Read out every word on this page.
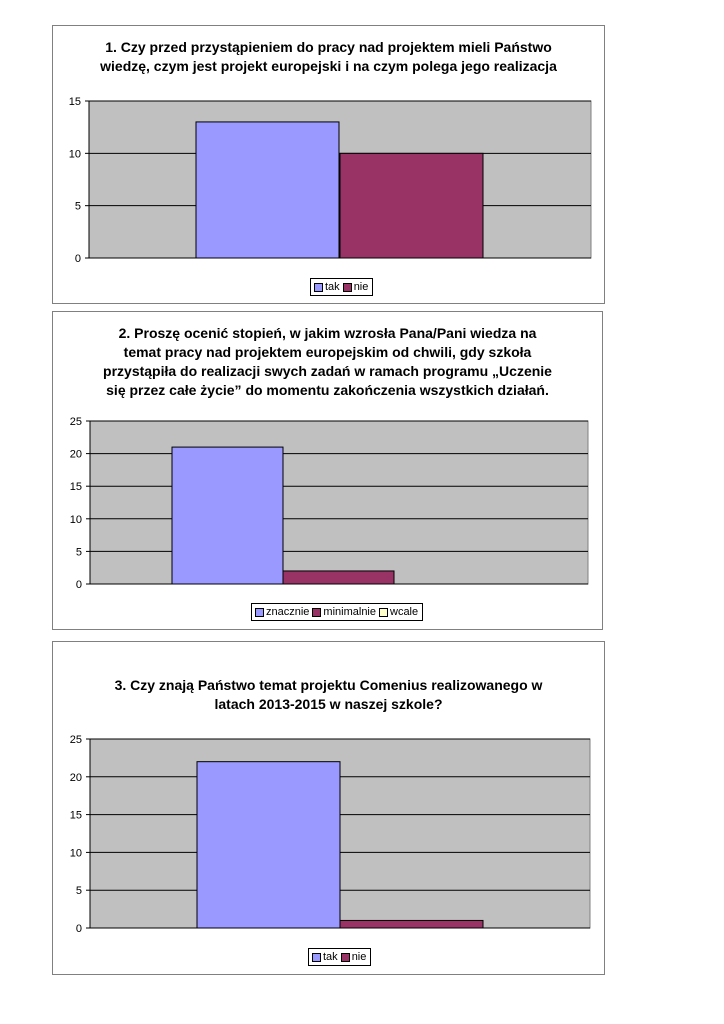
1. Czy przed przystąpieniem do pracy nad projektem mieli Państwo
wiedzę, czym jest projekt europejski i na czym polega jego realizacja
0
5
10
15
tak nie
2. Proszę ocenić stopień, w jakim wzrosła Pana/Pani wiedza na
temat pracy nad projektem europejskim od chwili, gdy szkoła
przystąpiła do realizacji swych zadań w ramach programu „Uczenie
się przez całe życie” do momentu zakończenia wszystkich działań.
0
5
10
15
20
25
znacznie minimalnie wcale
3. Czy znają Państwo temat projektu Comenius realizowanego w
latach 2013-2015 w naszej szkole?
0
5
10
15
20
25
tak nie
